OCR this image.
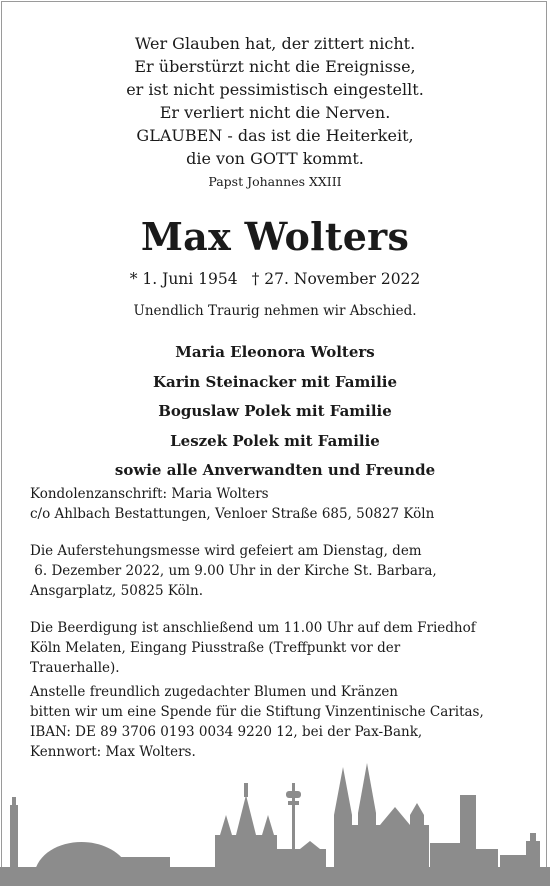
Wer Glauben hat, der zittert nicht.
Er überstürzt nicht die Ereignisse,
er ist nicht pessimistisch eingestellt.
Er verliert nicht die Nerven.
GLAUBEN - das ist die Heiterkeit,
die von GOTT kommt.
Papst Johannes XXIII
Max Wolters
* 1. Juni 1954 † 27. November 2022
Unendlich Traurig nehmen wir Abschied.
Maria Eleonora Wolters
Karin Steinacker mit Familie
Boguslaw Polek mit Familie
Leszek Polek mit Familie
sowie alle Anverwandten und Freunde
Kondolenzanschrift: Maria Wolters
c/o Ahlbach Bestattungen, Venloer Straße 685, 50827 Köln
Die Auferstehungsmesse wird gefeiert am Dienstag, dem
6. Dezember 2022, um 9.00 Uhr in der Kirche St. Barbara,
Ansgarplatz, 50825 Köln.
Die Beerdigung ist anschließend um 11.00 Uhr auf dem Friedhof
Köln Melaten, Eingang Piusstraße (Treffpunkt vor der
Trauerhalle).
Anstelle freundlich zugedachter Blumen und Kränzen
bitten wir um eine Spende für die Stiftung Vinzentinische Caritas,
IBAN: DE 89 3706 0193 0034 9220 12, bei der Pax-Bank,
Kennwort: Max Wolters.
